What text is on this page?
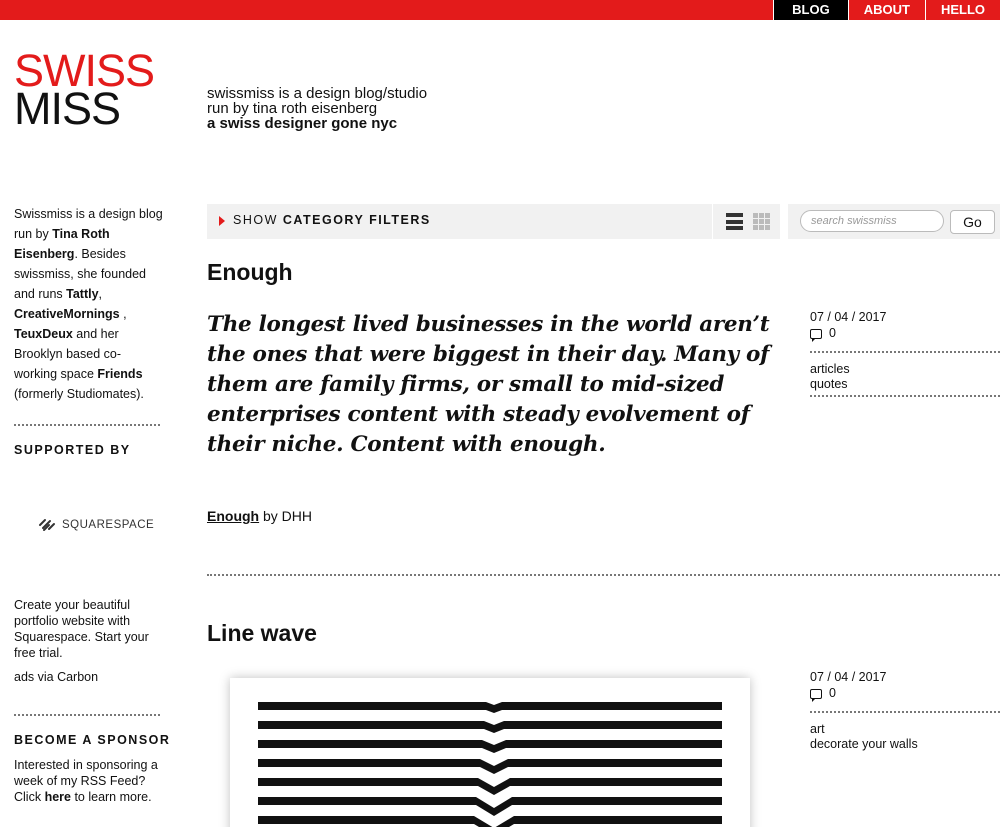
BLOG	ABOUT	HELLO
SWISS
MISS	swissmiss is a design blog/studio
run by tina roth eisenberg
a swiss designer gone nyc

Swissmiss is a design blog run by Tina Roth Eisenberg. Besides swissmiss, she founded and runs Tattly, CreativeMornings , TeuxDeux and her Brooklyn based co-working space Friends (formerly Studiomates).

SUPPORTED BY
SQUARESPACE
Create your beautiful portfolio website with Squarespace. Start your free trial.
ads via Carbon
BECOME A SPONSOR
Interested in sponsoring a week of my RSS Feed? Click here to learn more.
SHOW CATEGORY FILTERS
search swissmiss	Go
Enough
The longest lived businesses in the world aren’t the ones that were biggest in their day. Many of them are family firms, or small to mid-sized enterprises content with steady evolvement of their niche. Content with enough.
Enough by DHH
07 / 04 / 2017
0
articles
quotes
Line wave
07 / 04 / 2017
0
art
decorate your walls
